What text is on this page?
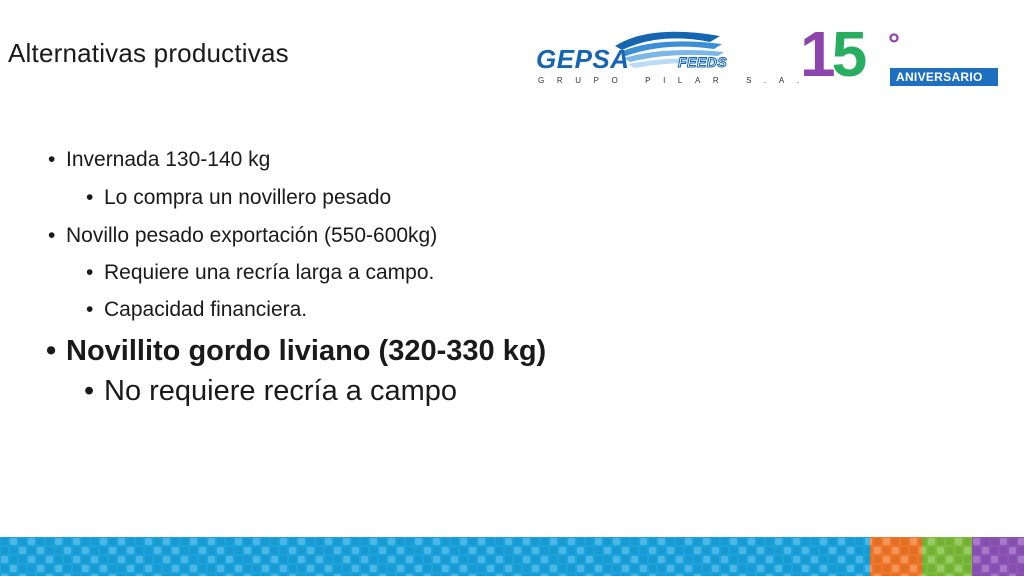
Alternativas productivas	GEPSA	FEEDS
GRUPO PILAR S.A.
15 °
ANIVERSARIO
• Invernada 130-140 kg
• Lo compra un novillero pesado
• Novillo pesado exportación (550-600kg)
• Requiere una recría larga a campo.
• Capacidad financiera.
• Novillito gordo liviano (320-330 kg)
• No requiere recría a campo
